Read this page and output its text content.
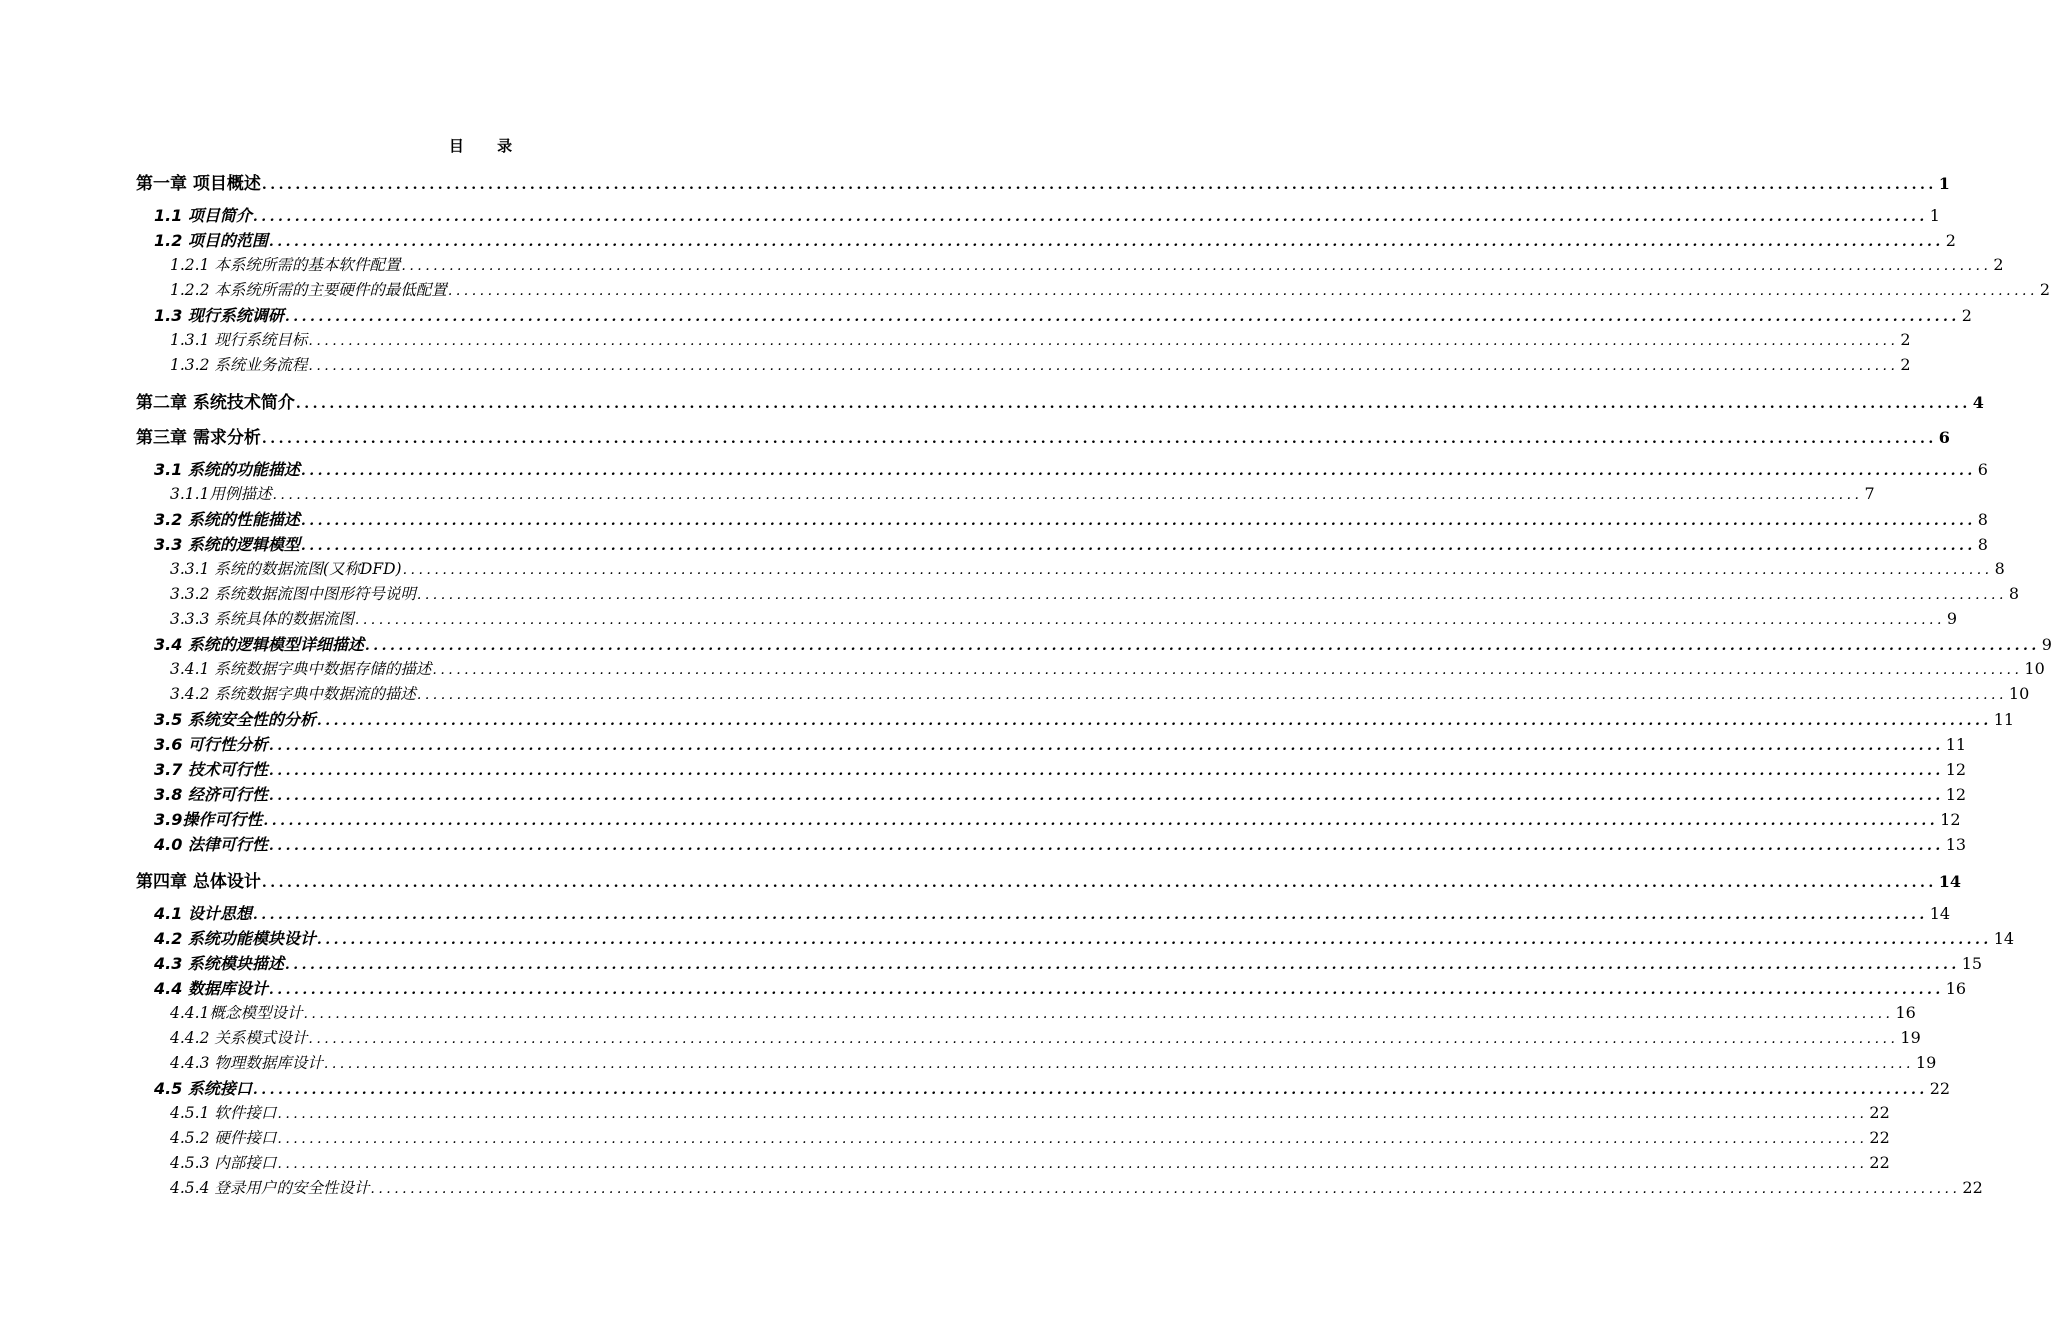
目 录
第一章 项目概述 ........................................................................................................................................................................................................ 1
1.1 项目简介 ........................................................................................................................................................................................................ 1
1.2 项目的范围 ........................................................................................................................................................................................................ 2
1.2.1 本系统所需的基本软件配置 ........................................................................................................................................................................................................ 2
1.2.2 本系统所需的主要硬件的最低配置 ........................................................................................................................................................................................................ 2
1.3 现行系统调研 ........................................................................................................................................................................................................ 2
1.3.1 现行系统目标 ........................................................................................................................................................................................................ 2
1.3.2 系统业务流程 ........................................................................................................................................................................................................ 2
第二章 系统技术简介 ........................................................................................................................................................................................................ 4
第三章 需求分析 ........................................................................................................................................................................................................ 6
3.1 系统的功能描述 ........................................................................................................................................................................................................ 6
3.1.1用例描述 ........................................................................................................................................................................................................ 7
3.2 系统的性能描述 ........................................................................................................................................................................................................ 8
3.3 系统的逻辑模型 ........................................................................................................................................................................................................ 8
3.3.1 系统的数据流图(又称DFD) ........................................................................................................................................................................................................ 8
3.3.2 系统数据流图中图形符号说明 ........................................................................................................................................................................................................ 8
3.3.3 系统具体的数据流图 ........................................................................................................................................................................................................ 9
3.4 系统的逻辑模型详细描述 ........................................................................................................................................................................................................ 9
3.4.1 系统数据字典中数据存储的描述 ........................................................................................................................................................................................................ 10
3.4.2 系统数据字典中数据流的描述 ........................................................................................................................................................................................................ 10
3.5 系统安全性的分析 ........................................................................................................................................................................................................ 11
3.6 可行性分析 ........................................................................................................................................................................................................ 11
3.7 技术可行性 ........................................................................................................................................................................................................ 12
3.8 经济可行性 ........................................................................................................................................................................................................ 12
3.9操作可行性 ........................................................................................................................................................................................................ 12
4.0 法律可行性 ........................................................................................................................................................................................................ 13
第四章 总体设计 ........................................................................................................................................................................................................ 14
4.1 设计思想 ........................................................................................................................................................................................................ 14
4.2 系统功能模块设计 ........................................................................................................................................................................................................ 14
4.3 系统模块描述 ........................................................................................................................................................................................................ 15
4.4 数据库设计 ........................................................................................................................................................................................................ 16
4.4.1概念模型设计 ........................................................................................................................................................................................................ 16
4.4.2 关系模式设计 ........................................................................................................................................................................................................ 19
4.4.3 物理数据库设计 ........................................................................................................................................................................................................ 19
4.5 系统接口 ........................................................................................................................................................................................................ 22
4.5.1 软件接口 ........................................................................................................................................................................................................ 22
4.5.2 硬件接口 ........................................................................................................................................................................................................ 22
4.5.3 内部接口 ........................................................................................................................................................................................................ 22
4.5.4 登录用户的安全性设计 ........................................................................................................................................................................................................ 22
